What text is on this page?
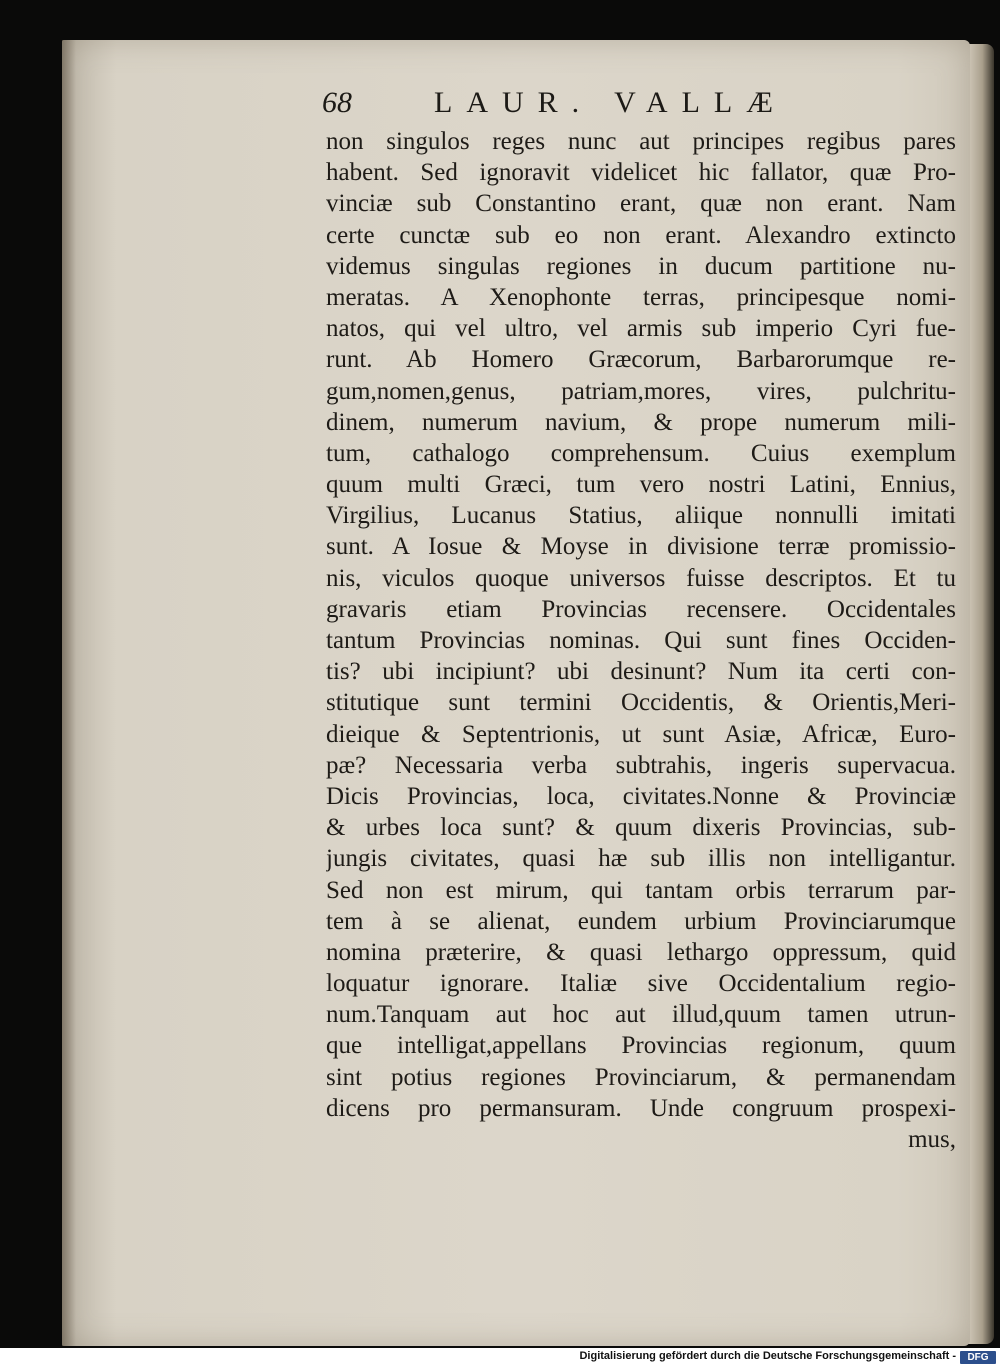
68	LAUR. VALLÆ
non singulos reges nunc aut principes regibus pares
habent. Sed ignoravit videlicet hic fallator, quæ Pro-
vinciæ sub Constantino erant, quæ non erant. Nam
certe cunctæ sub eo non erant. Alexandro extincto
videmus singulas regiones in ducum partitione nu-
meratas. A Xenophonte terras, principesque nomi-
natos, qui vel ultro, vel armis sub imperio Cyri fue-
runt. Ab Homero Græcorum, Barbarorumque re-
gum,nomen,genus, patriam,mores, vires, pulchritu-
dinem, numerum navium, & prope numerum mili-
tum, cathalogo comprehensum. Cuius exemplum
quum multi Græci, tum vero nostri Latini, Ennius,
Virgilius, Lucanus Statius, aliique nonnulli imitati
sunt. A Iosue & Moyse in divisione terræ promissio-
nis, viculos quoque universos fuisse descriptos. Et tu
gravaris etiam Provincias recensere. Occidentales
tantum Provincias nominas. Qui sunt fines Occiden-
tis? ubi incipiunt? ubi desinunt? Num ita certi con-
stitutique sunt termini Occidentis, & Orientis,Meri-
dieique & Septentrionis, ut sunt Asiæ, Africæ, Euro-
pæ? Necessaria verba subtrahis, ingeris supervacua.
Dicis Provincias, loca, civitates.Nonne & Provinciæ
& urbes loca sunt? & quum dixeris Provincias, sub-
jungis civitates, quasi hæ sub illis non intelligantur.
Sed non est mirum, qui tantam orbis terrarum par-
tem à se alienat, eundem urbium Provinciarumque
nomina præterire, & quasi lethargo oppressum, quid
loquatur ignorare. Italiæ sive Occidentalium regio-
num.Tanquam aut hoc aut illud,quum tamen utrun-
que intelligat,appellans Provincias regionum, quum
sint potius regiones Provinciarum, & permanendam
dicens pro permansuram. Unde congruum prospexi-
mus,
Digitalisierung gefördert durch die Deutsche Forschungsgemeinschaft -	DFG
